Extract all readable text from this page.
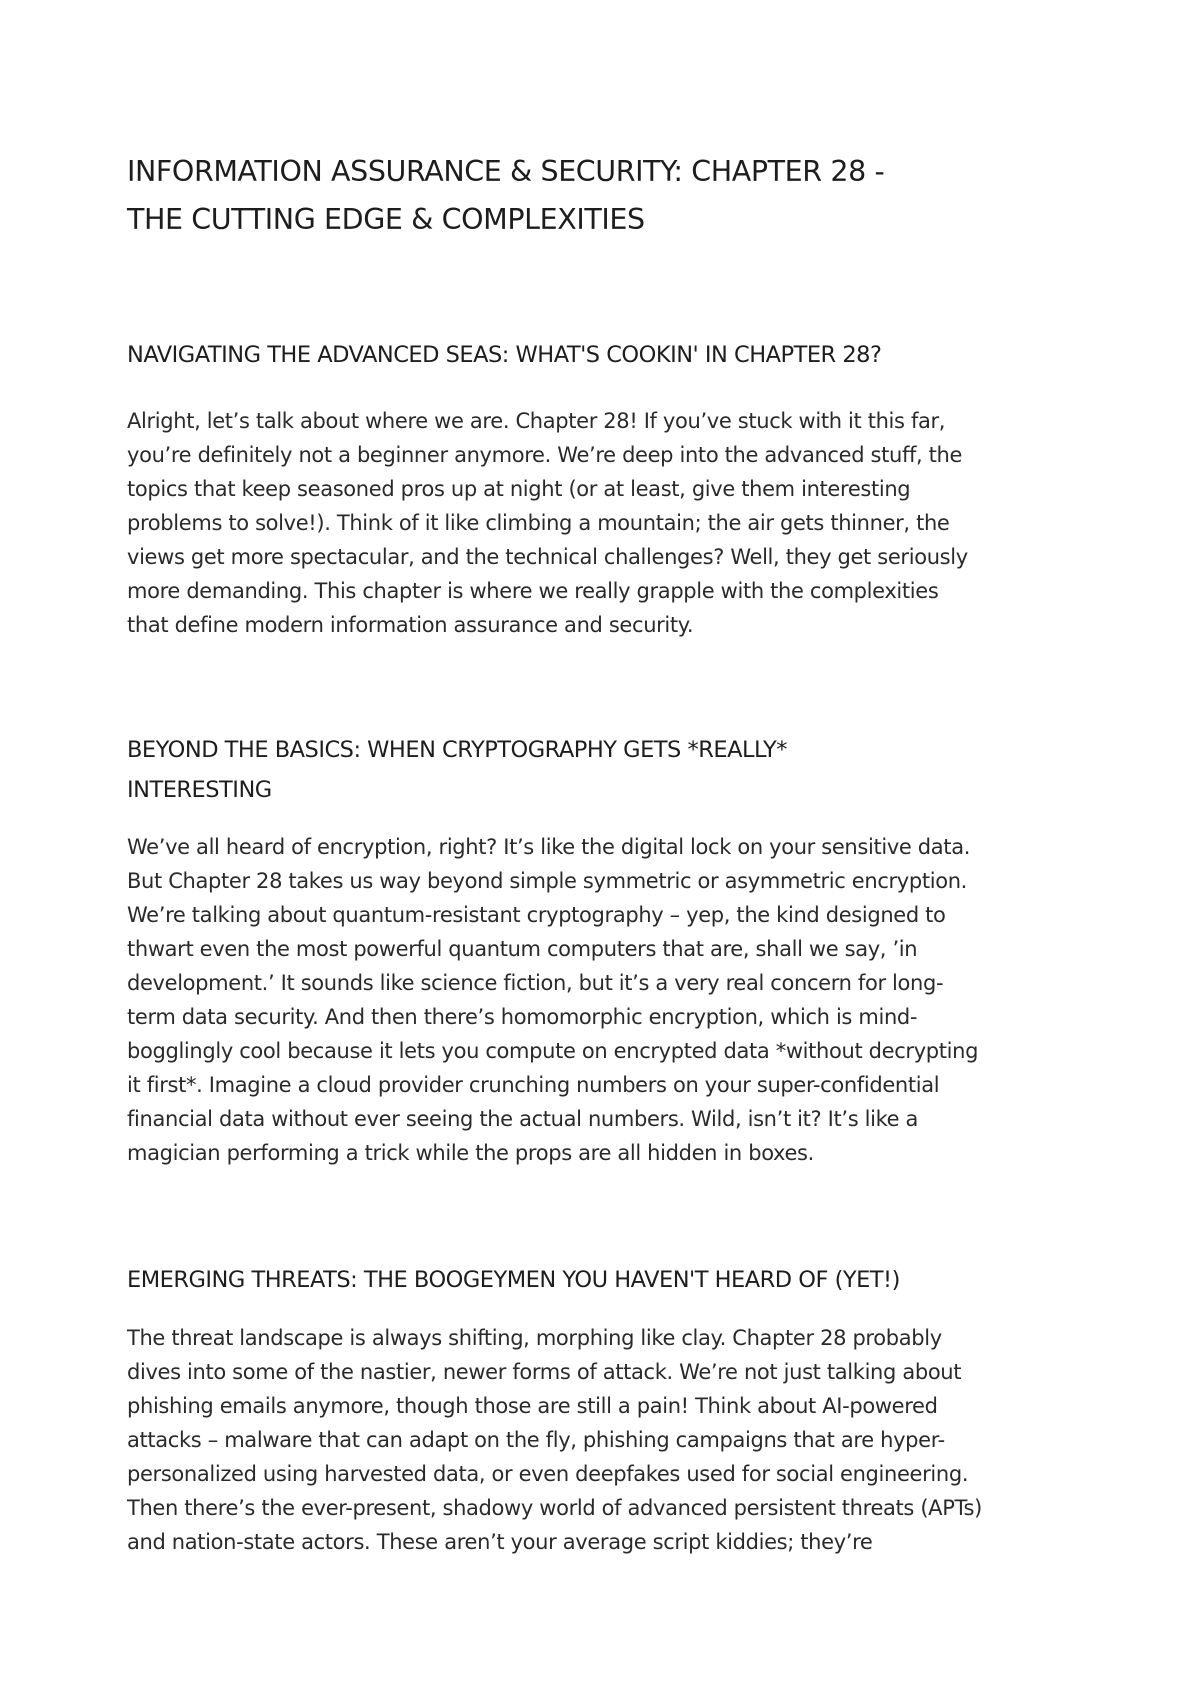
INFORMATION ASSURANCE & SECURITY: CHAPTER 28 -
THE CUTTING EDGE & COMPLEXITIES
NAVIGATING THE ADVANCED SEAS: WHAT'S COOKIN' IN CHAPTER 28?

Alright, let’s talk about where we are. Chapter 28! If you’ve stuck with it this far,
you’re definitely not a beginner anymore. We’re deep into the advanced stuff, the
topics that keep seasoned pros up at night (or at least, give them interesting
problems to solve!). Think of it like climbing a mountain; the air gets thinner, the
views get more spectacular, and the technical challenges? Well, they get seriously
more demanding. This chapter is where we really grapple with the complexities
that define modern information assurance and security.

BEYOND THE BASICS: WHEN CRYPTOGRAPHY GETS *REALLY*
INTERESTING

We’ve all heard of encryption, right? It’s like the digital lock on your sensitive data.
But Chapter 28 takes us way beyond simple symmetric or asymmetric encryption.
We’re talking about quantum-resistant cryptography – yep, the kind designed to
thwart even the most powerful quantum computers that are, shall we say, ’in
development.’ It sounds like science fiction, but it’s a very real concern for long-
term data security. And then there’s homomorphic encryption, which is mind-
bogglingly cool because it lets you compute on encrypted data *without decrypting
it first*. Imagine a cloud provider crunching numbers on your super-confidential
financial data without ever seeing the actual numbers. Wild, isn’t it? It’s like a
magician performing a trick while the props are all hidden in boxes.

EMERGING THREATS: THE BOOGEYMEN YOU HAVEN'T HEARD OF (YET!)

The threat landscape is always shifting, morphing like clay. Chapter 28 probably
dives into some of the nastier, newer forms of attack. We’re not just talking about
phishing emails anymore, though those are still a pain! Think about AI-powered
attacks – malware that can adapt on the fly, phishing campaigns that are hyper-
personalized using harvested data, or even deepfakes used for social engineering.
Then there’s the ever-present, shadowy world of advanced persistent threats (APTs)
and nation-state actors. These aren’t your average script kiddies; they’re
